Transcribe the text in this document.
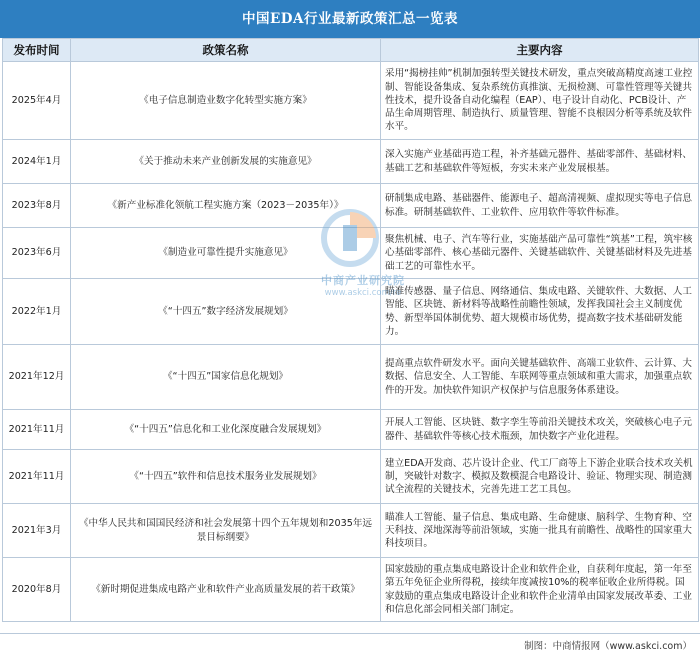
中国EDA行业最新政策汇总一览表
发布时间	政策名称	主要内容
2025年4月	《电子信息制造业数字化转型实施方案》	采用“揭榜挂帅”机制加强转型关键技术研发，重点突破高精度高速工业控制、智能设备集成、复杂系统仿真推演、无损检测、可靠性管理等关键共性技术，提升设备自动化编程（EAP）、电子设计自动化、PCB设计、产品生命周期管理、制造执行、质量管理、智能不良根因分析等系统及软件水平。
2024年1月	《关于推动未来产业创新发展的实施意见》	深入实施产业基础再造工程，补齐基础元器件、基础零部件、基础材料、基础工艺和基础软件等短板，夯实未来产业发展根基。
2023年8月	《新产业标准化领航工程实施方案（2023－2035年）》	研制集成电路、基础器件、能源电子、超高清视频、虚拟现实等电子信息标准。研制基础软件、工业软件、应用软件等软件标准。
2023年6月	《制造业可靠性提升实施意见》	聚焦机械、电子、汽车等行业，实施基础产品可靠性“筑基”工程，筑牢核心基础零部件、核心基础元器件、关键基础软件、关键基础材料及先进基础工艺的可靠性水平。
2022年1月	《“十四五”数字经济发展规划》	瞄准传感器、量子信息、网络通信、集成电路、关键软件、大数据、人工智能、区块链、新材料等战略性前瞻性领域，发挥我国社会主义制度优势、新型举国体制优势、超大规模市场优势，提高数字技术基础研发能力。
2021年12月	《“十四五”国家信息化规划》	提高重点软件研发水平。面向关键基础软件、高端工业软件、云计算、大数据、信息安全、人工智能、车联网等重点领域和重大需求，加强重点软件的开发。加快软件知识产权保护与信息服务体系建设。
2021年11月	《“十四五”信息化和工业化深度融合发展规划》	开展人工智能、区块链、数字孪生等前沿关键技术攻关，突破核心电子元器件、基础软件等核心技术瓶颈，加快数字产业化进程。
2021年11月	《“十四五”软件和信息技术服务业发展规划》	建立EDA开发商、芯片设计企业、代工厂商等上下游企业联合技术攻关机制，突破针对数字、模拟及数模混合电路设计、验证、物理实现、制造测试全流程的关键技术，完善先进工艺工具包。
2021年3月	《中华人民共和国国民经济和社会发展第十四个五年规划和2035年远景目标纲要》	瞄准人工智能、量子信息、集成电路、生命健康、脑科学、生物育种、空天科技、深地深海等前沿领域，实施一批具有前瞻性、战略性的国家重大科技项目。
2020年8月	《新时期促进集成电路产业和软件产业高质量发展的若干政策》	国家鼓励的重点集成电路设计企业和软件企业，自获利年度起，第一年至第五年免征企业所得税，接续年度减按10%的税率征收企业所得税。国家鼓励的重点集成电路设计企业和软件企业清单由国家发展改革委、工业和信息化部会同相关部门制定。
中商产业研究院
www.askci.com/re
制图：中商情报网（www.askci.com）
